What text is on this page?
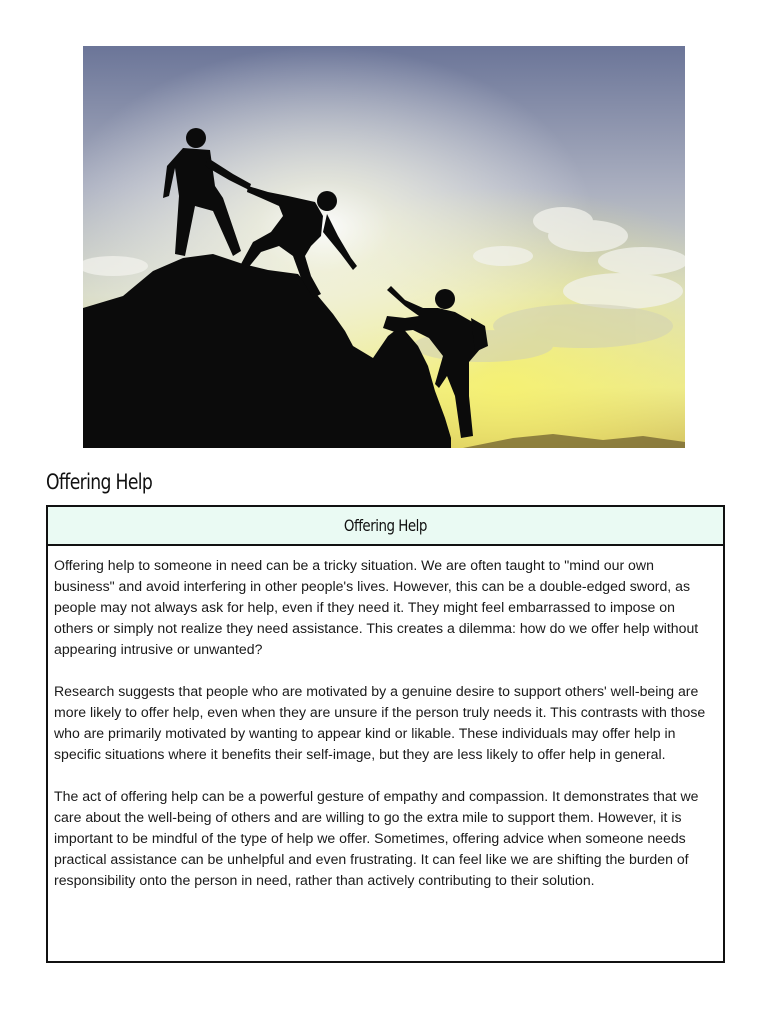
Offering Help
Offering Help

Offering help to someone in need can be a tricky situation. We are often taught to "mind our own business" and avoid interfering in other people's lives. However, this can be a double-edged sword, as people may not always ask for help, even if they need it. They might feel embarrassed to impose on others or simply not realize they need assistance. This creates a dilemma: how do we offer help without appearing intrusive or unwanted?

Research suggests that people who are motivated by a genuine desire to support others' well-being are more likely to offer help, even when they are unsure if the person truly needs it. This contrasts with those who are primarily motivated by wanting to appear kind or likable. These individuals may offer help in specific situations where it benefits their self-image, but they are less likely to offer help in general.

The act of offering help can be a powerful gesture of empathy and compassion. It demonstrates that we care about the well-being of others and are willing to go the extra mile to support them. However, it is important to be mindful of the type of help we offer. Sometimes, offering advice when someone needs practical assistance can be unhelpful and even frustrating. It can feel like we are shifting the burden of responsibility onto the person in need, rather than actively contributing to their solution.
